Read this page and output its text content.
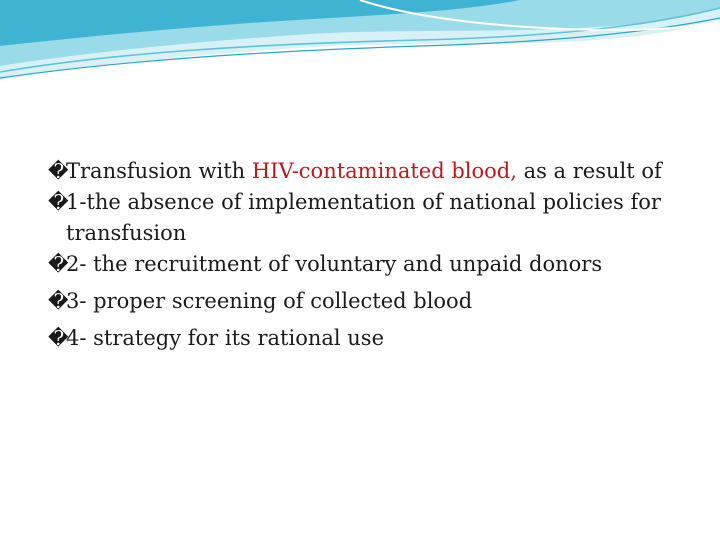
�
Transfusion with HIV-contaminated blood, as a result of
�
1-the absence of implementation of national policies for transfusion
�
2- the recruitment of voluntary and unpaid donors
�
3- proper screening of collected blood
�
4- strategy for its rational use
